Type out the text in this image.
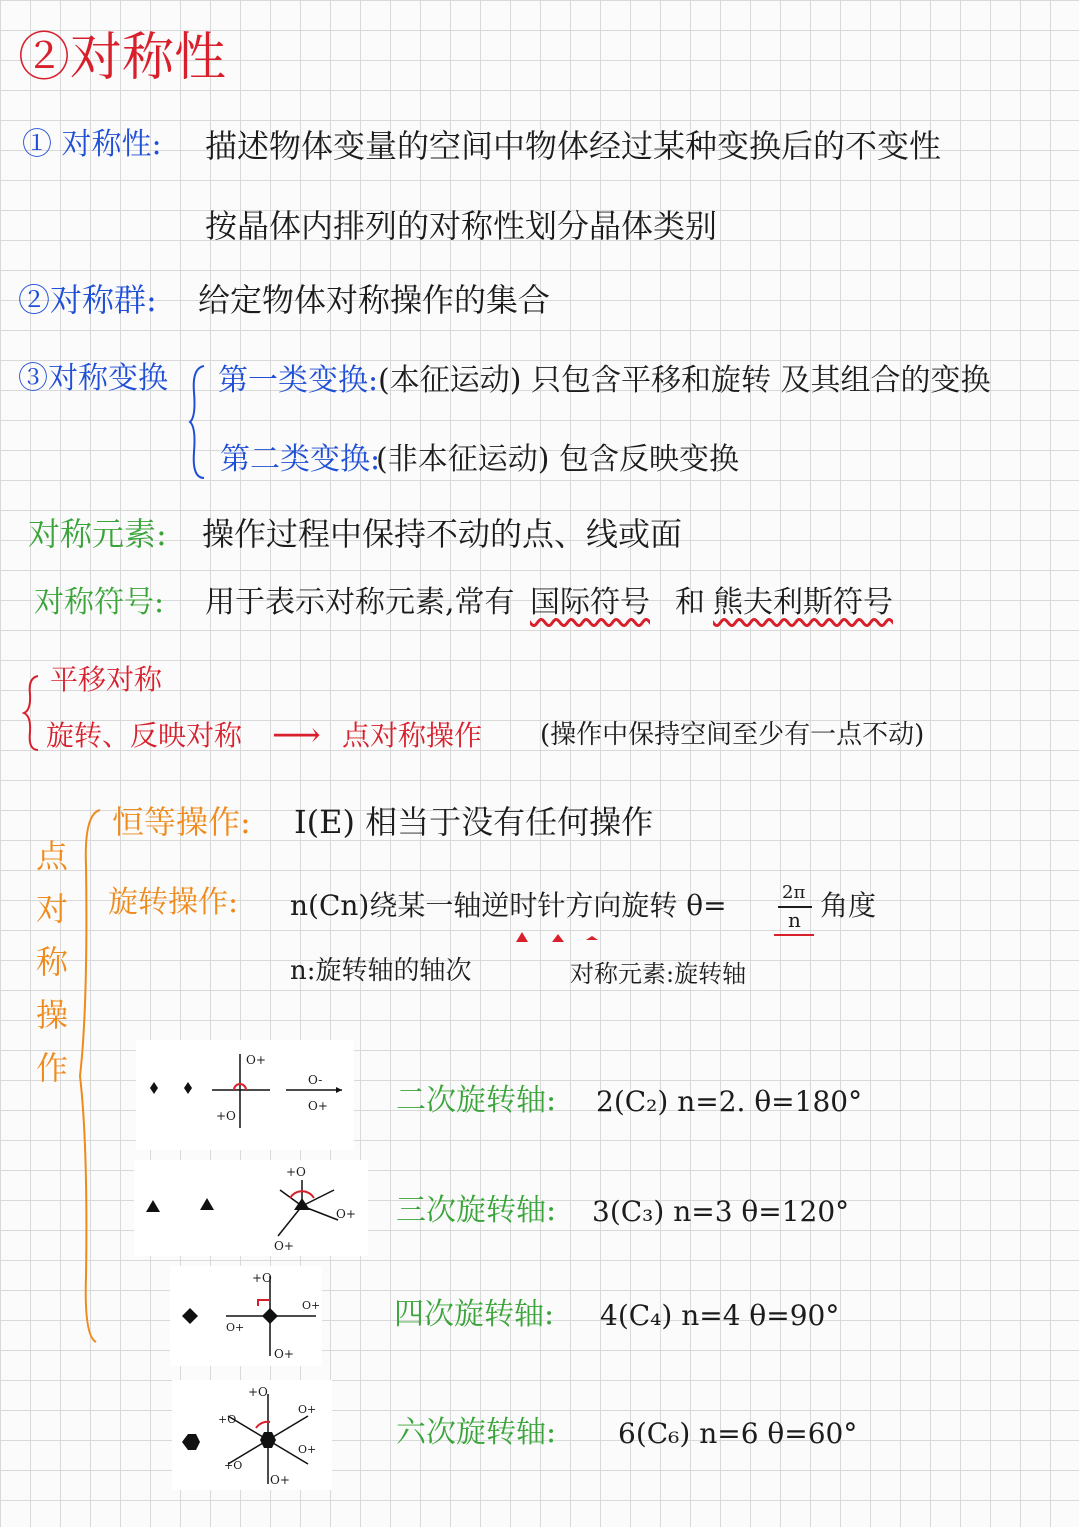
②对称性
① 对称性: 描述物体变量的空间中物体经过某种变换后的不变性
按晶体内排列的对称性划分晶体类别
②对称群: 给定物体对称操作的集合
③对称变换 第一类变换: (本征运动) 只包含平移和旋转 及其组合的变换
第二类变换:
(非本征运动) 包含反映变换
对称元素: 操作过程中保持不动的点、线或面
对称符号: 用于表示对称元素,常有 国际符号 和 熊夫利斯符号
平移对称
旋转、反映对称 ⟶ 点对称操作 (操作中保持空间至少有一点不动)
点
对
称
操
作
恒等操作: I(E) 相当于没有任何操作
旋转操作: n(Cn)绕某一轴逆时针方向旋转 θ=	2π
n 角度
n:旋转轴的轴次	对称元素:旋转轴
O+
+O
O-
O+
+O
O+
O+
+O
O+
O+
O+
+O
O+
+O
O+
O+
+O
二次旋转轴: 2(C₂) n=2. θ=180°
三次旋转轴: 3(C₃) n=3 θ=120°
四次旋转轴: 4(C₄) n=4 θ=90°
六次旋转轴: 6(C₆) n=6 θ=60°
